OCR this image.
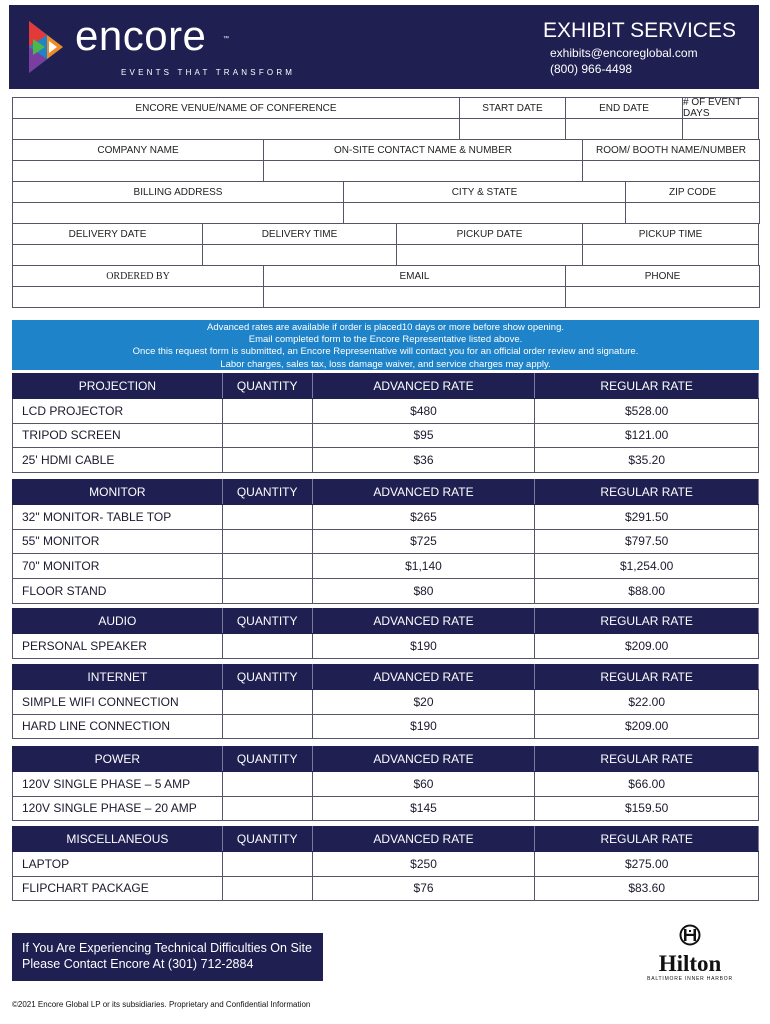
encore	™
EVENTS THAT TRANSFORM
EXHIBIT SERVICES
exhibits@encoreglobal.com
(800) 966-4498
ENCORE VENUE/NAME OF CONFERENCE	START DATE	END DATE	# OF EVENT DAYS
COMPANY NAME	ON-SITE CONTACT NAME & NUMBER	ROOM/ BOOTH NAME/NUMBER
BILLING ADDRESS	CITY & STATE	ZIP CODE
DELIVERY DATE	DELIVERY TIME	PICKUP DATE	PICKUP TIME
ORDERED BY	EMAIL	PHONE
Advanced rates are available if order is placed10 days or more before show opening.
Email completed form to the Encore Representative listed above.
Once this request form is submitted, an Encore Representative will contact you for an official order review and signature.
Labor charges, sales tax, loss damage waiver, and service charges may apply.
PROJECTION	QUANTITY	ADVANCED RATE	REGULAR RATE
LCD PROJECTOR		$480	$528.00
TRIPOD SCREEN		$95	$121.00
25' HDMI CABLE		$36	$35.20
MONITOR	QUANTITY	ADVANCED RATE	REGULAR RATE
32" MONITOR- TABLE TOP		$265	$291.50
55" MONITOR		$725	$797.50
70" MONITOR		$1,140	$1,254.00
FLOOR STAND		$80	$88.00
AUDIO	QUANTITY	ADVANCED RATE	REGULAR RATE
PERSONAL SPEAKER		$190	$209.00
INTERNET	QUANTITY	ADVANCED RATE	REGULAR RATE
SIMPLE WIFI CONNECTION		$20	$22.00
HARD LINE CONNECTION		$190	$209.00
POWER	QUANTITY	ADVANCED RATE	REGULAR RATE
120V SINGLE PHASE – 5 AMP		$60	$66.00
120V SINGLE PHASE – 20 AMP		$145	$159.50
MISCELLANEOUS	QUANTITY	ADVANCED RATE	REGULAR RATE
LAPTOP		$250	$275.00
FLIPCHART PACKAGE		$76	$83.60
If You Are Experiencing Technical Difficulties On Site
Please Contact Encore At (301) 712-2884	Hilton
BALTIMORE INNER HARBOR
©2021 Encore Global LP or its subsidiaries. Proprietary and Confidential Information
